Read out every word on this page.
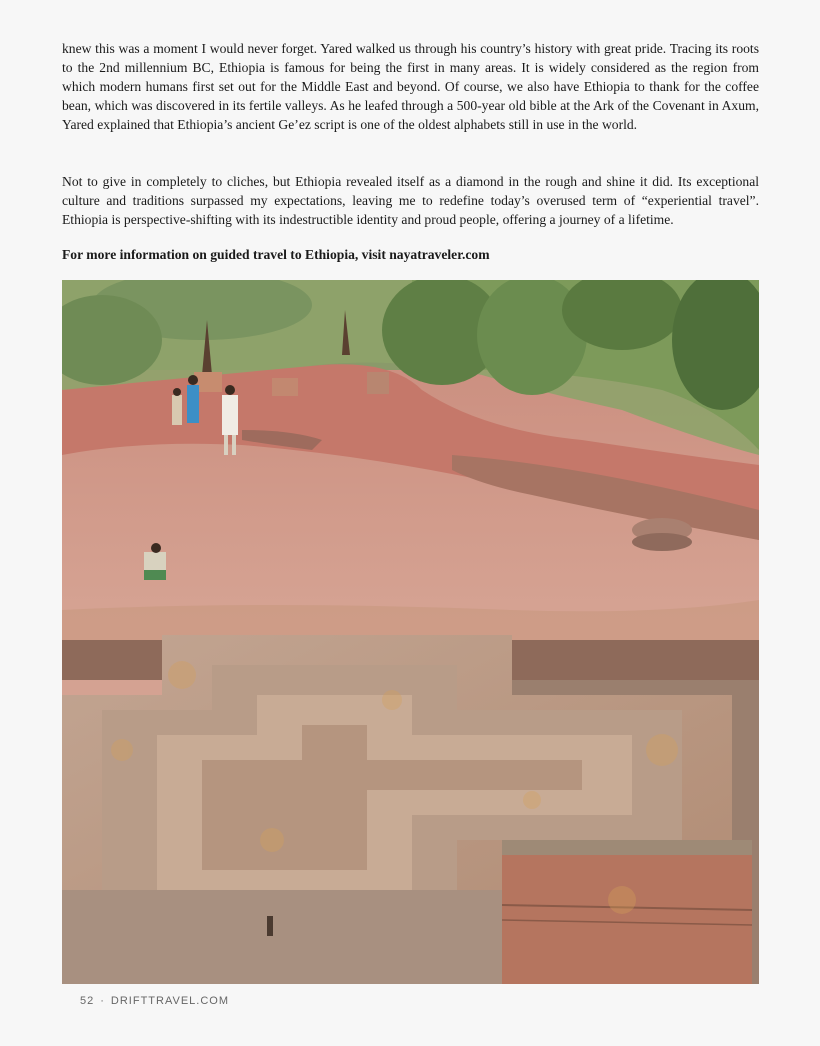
knew this was a moment I would never forget. Yared walked us through his country’s history with great pride. Tracing its roots to the 2nd millennium BC, Ethiopia is famous for being the first in many areas. It is widely considered as the region from which modern humans first set out for the Middle East and beyond. Of course, we also have Ethiopia to thank for the coffee bean, which was discovered in its fertile valleys. As he leafed through a 500-year old bible at the Ark of the Covenant in Axum, Yared explained that Ethiopia’s ancient Ge’ez script is one of the oldest alphabets still in use in the world.

Not to give in completely to cliches, but Ethiopia revealed itself as a diamond in the rough and shine it did. Its exceptional culture and traditions surpassed my expectations, leaving me to redefine today’s overused term of “experiential travel”. Ethiopia is perspective-shifting with its indestructible identity and proud people, offering a journey of a lifetime.

For more information on guided travel to Ethiopia, visit nayatraveler.com

52 · DRIFTTRAVEL.COM
